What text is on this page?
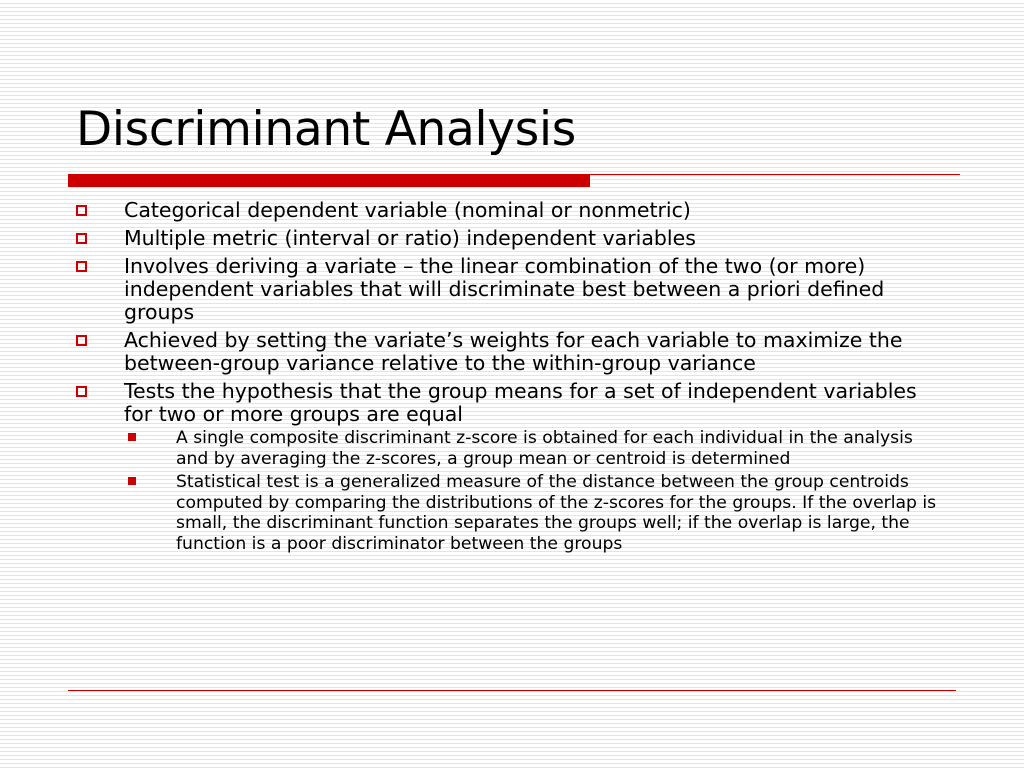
Discriminant Analysis
Categorical dependent variable (nominal or nonmetric)
Multiple metric (interval or ratio) independent variables
Involves deriving a variate – the linear combination of the two (or more) independent variables that will discriminate best between a priori defined groups
Achieved by setting the variate’s weights for each variable to maximize the between-group variance relative to the within-group variance
Tests the hypothesis that the group means for a set of independent variables for two or more groups are equal
A single composite discriminant z-score is obtained for each individual in the analysis and by averaging the z-scores, a group mean or centroid is determined
Statistical test is a generalized measure of the distance between the group centroids computed by comparing the distributions of the z-scores for the groups. If the overlap is small, the discriminant function separates the groups well; if the overlap is large, the function is a poor discriminator between the groups
